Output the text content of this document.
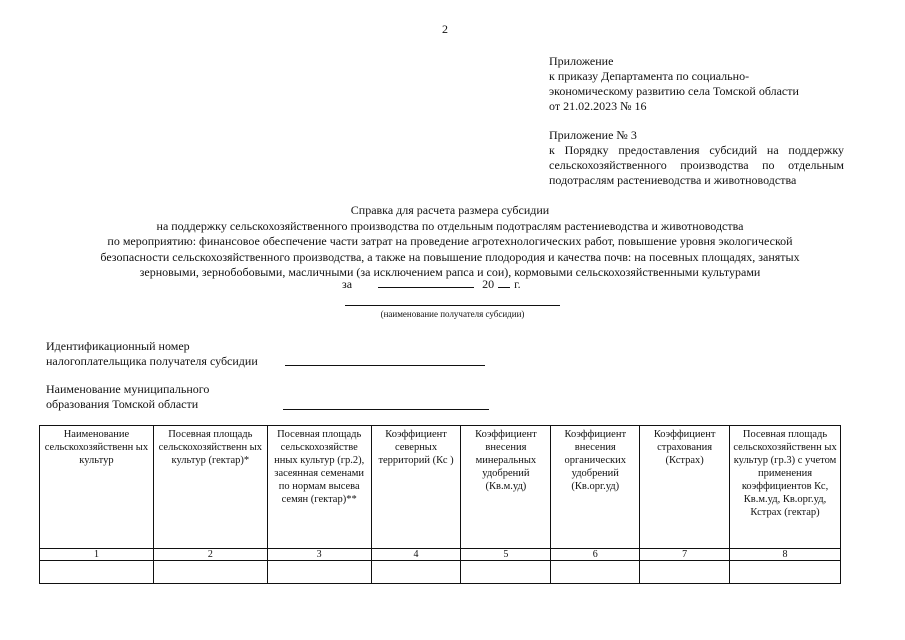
2
Приложение
к приказу Департамента по социально-
экономическому развитию села Томской области
от 21.02.2023 № 16
Приложение № 3
к Порядку предоставления субсидий на поддержку
сельскохозяйственного производства по отдельным
подотраслям растениеводства и животноводства
Справка для расчета размера субсидии
на поддержку сельскохозяйственного производства по отдельным подотраслям растениеводства и животноводства
по мероприятию: финансовое обеспечение части затрат на проведение агротехнологических работ, повышение уровня экологической
безопасности сельскохозяйственного производства, а также на повышение плодородия и качества почв: на посевных площадях, занятых
зерновыми, зернобобовыми, масличными (за исключением рапса и сои), кормовыми сельскохозяйственными культурами
за	20 г.
(наименование получателя субсидии)
Идентификационный номер
налогоплательщика получателя субсидии
Наименование муниципального
образования Томской области
Наименование сельскохозяйственн ых культур	Посевная площадь сельскохозяйственн ых культур (гектар)*	Посевная площадь сельскохозяйстве нных культур (гр.2), засеянная семенами по нормам высева семян (гектар)**	Коэффициент северных территорий (Кс )	Коэффициент внесения минеральных удобрений (Кв.м.уд)	Коэффициент внесения органических удобрений (Кв.орг.уд)	Коэффициент страхования (Кстрах)	Посевная площадь сельскохозяйственн ых культур (гр.3) с учетом применения коэффициентов Кс, Кв.м.уд, Кв.орг.уд, Кстрах (гектар)
1	2	3	4	5	6	7	8
